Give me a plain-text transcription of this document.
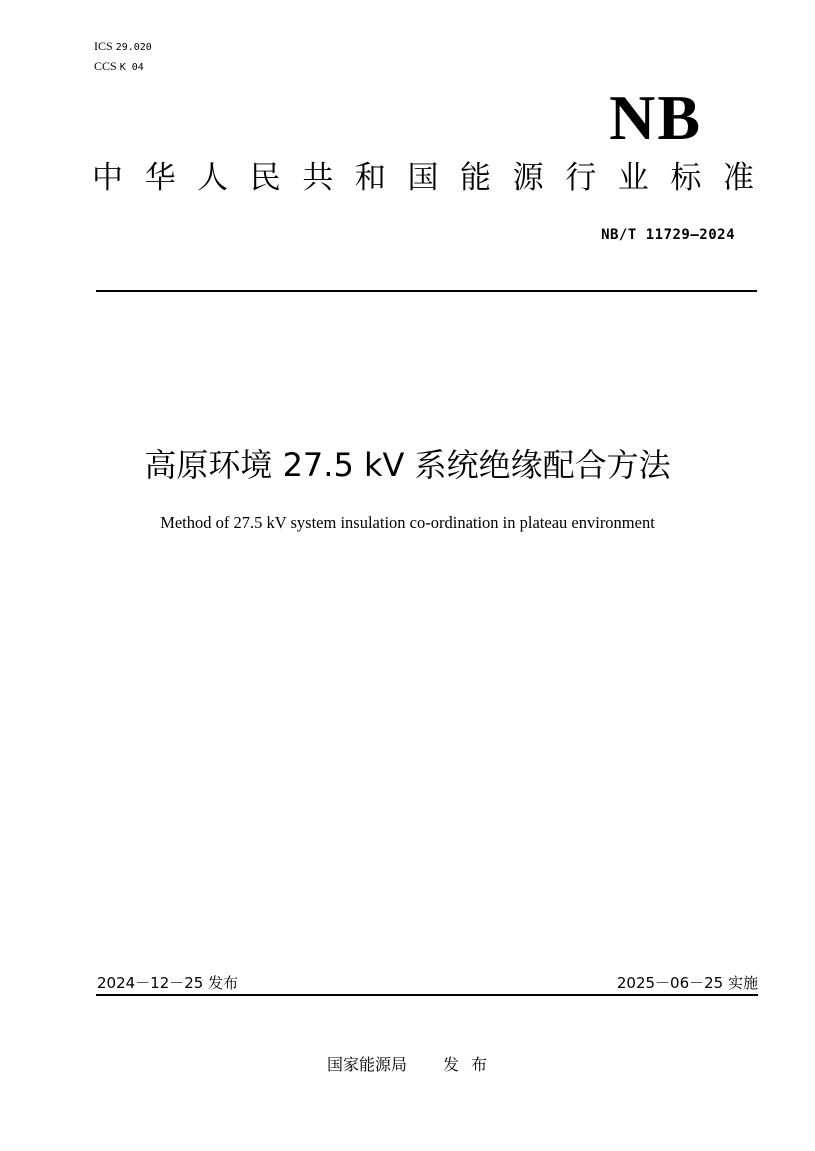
ICS 29.020
CCS K 04
NB
中 华 人 民 共 和 国 能 源 行 业 标 准
NB/T 11729—2024
高原环境 27.5 kV 系统绝缘配合方法
Method of 27.5 kV system insulation co-ordination in plateau environment
2024－12－25 发布	2025－06－25 实施
国家能源局 发布
